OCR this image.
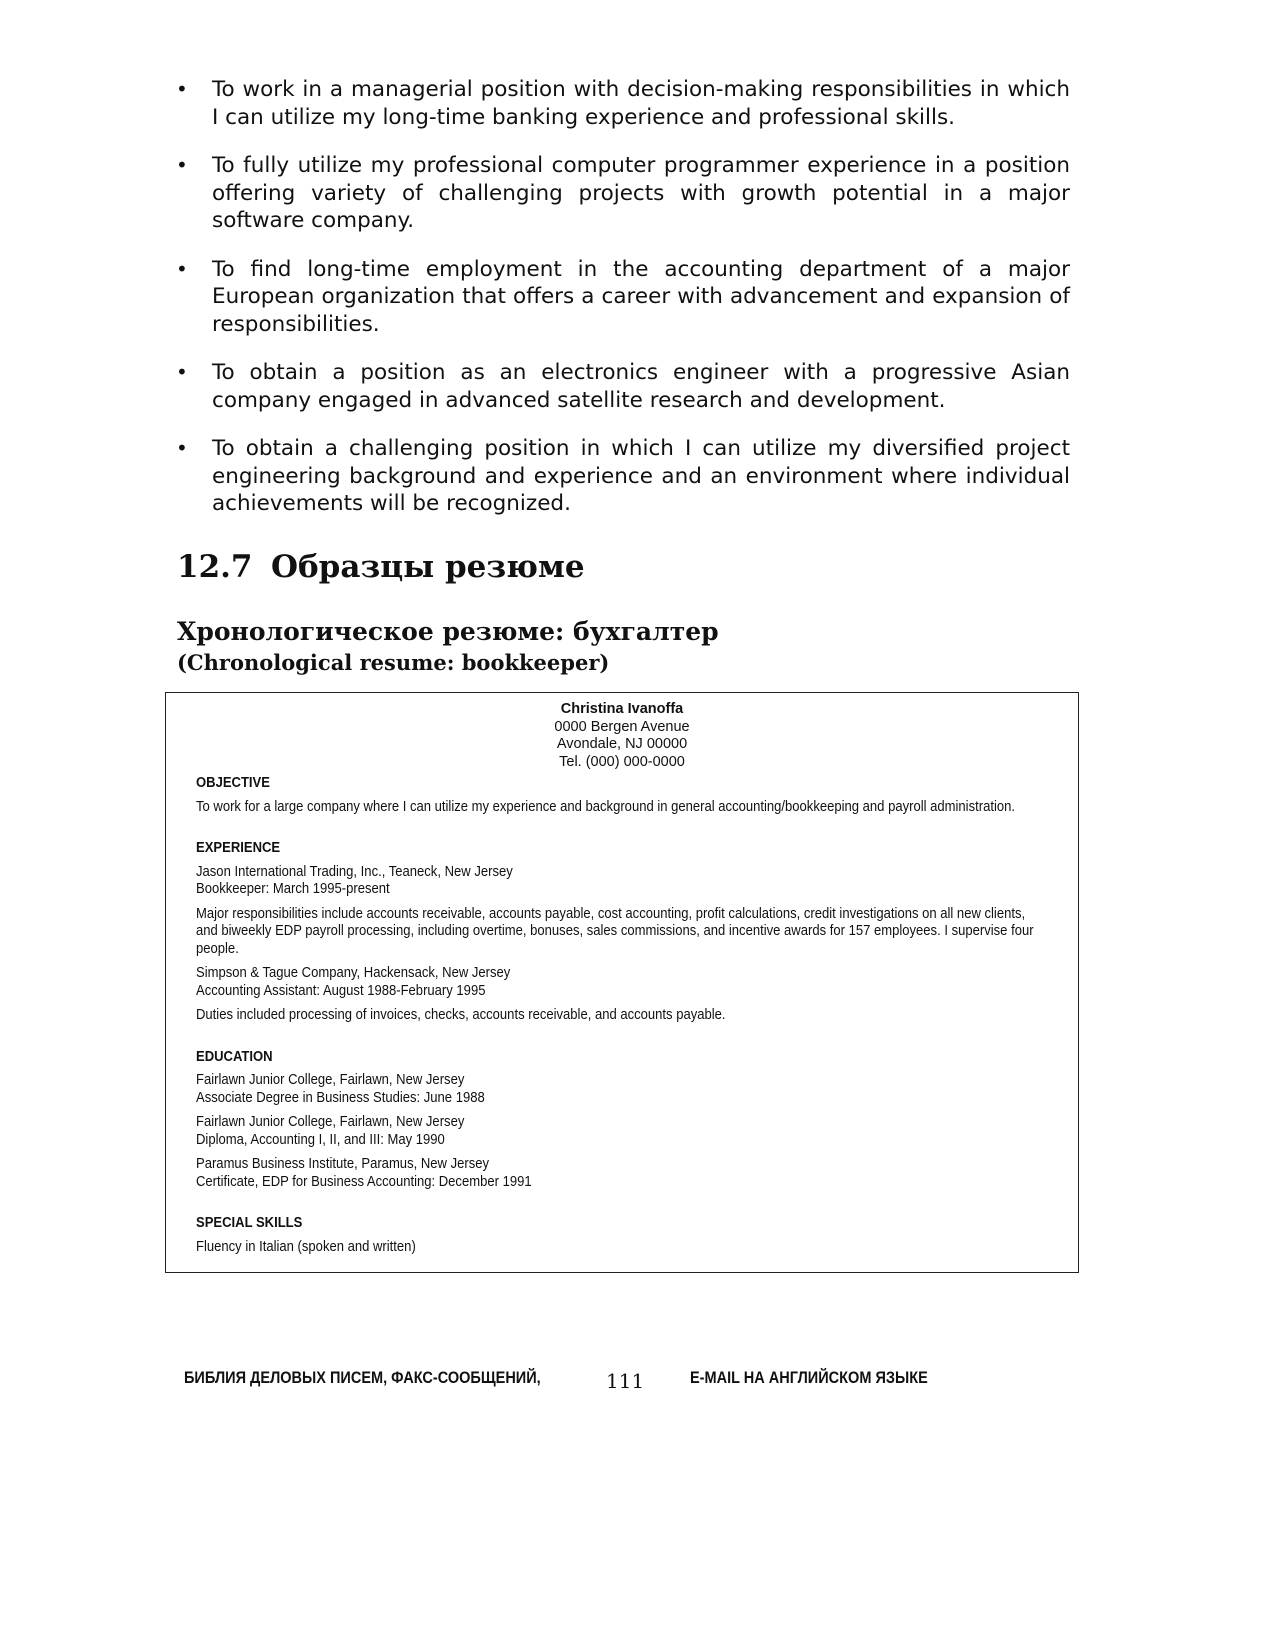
• To work in a managerial position with decision-making responsibilities in which I can utilize my long-time banking experience and professional skills.
• To fully utilize my professional computer programmer experience in a position offering variety of challenging projects with growth potential in a major software company.
• To find long-time employment in the accounting department of a major European organization that offers a career with advancement and expansion of responsibilities.
• To obtain a position as an electronics engineer with a progressive Asian company engaged in advanced satellite research and development.
• To obtain a challenging position in which I can utilize my diversified project engineering background and experience and an environment where individual achievements will be recognized.
12.7 Образцы резюме
Хронологическое резюме: бухгалтер
(Chronological resume: bookkeeper)
Christina Ivanoffa
0000 Bergen Avenue
Avondale, NJ 00000
Tel. (000) 000-0000
OBJECTIVE
To work for a large company where I can utilize my experience and background in general accounting/bookkeeping and payroll administration.
EXPERIENCE
Jason International Trading, Inc., Teaneck, New Jersey
Bookkeeper: March 1995-present
Major responsibilities include accounts receivable, accounts payable, cost accounting, profit calculations, credit investigations on all new clients, and biweekly EDP payroll processing, including overtime, bonuses, sales commissions, and incentive awards for 157 employees. I supervise four people.
Simpson & Tague Company, Hackensack, New Jersey
Accounting Assistant: August 1988-February 1995
Duties included processing of invoices, checks, accounts receivable, and accounts payable.
EDUCATION
Fairlawn Junior College, Fairlawn, New Jersey
Associate Degree in Business Studies: June 1988
Fairlawn Junior College, Fairlawn, New Jersey
Diploma, Accounting I, II, and III: May 1990
Paramus Business Institute, Paramus, New Jersey
Certificate, EDP for Business Accounting: December 1991
SPECIAL SKILLS
Fluency in Italian (spoken and written)
БИБЛИЯ ДЕЛОВЫХ ПИСЕМ, ФАКС-СООБЩЕНИЙ,	111	E-MAIL НА АНГЛИЙСКОМ ЯЗЫКЕ
